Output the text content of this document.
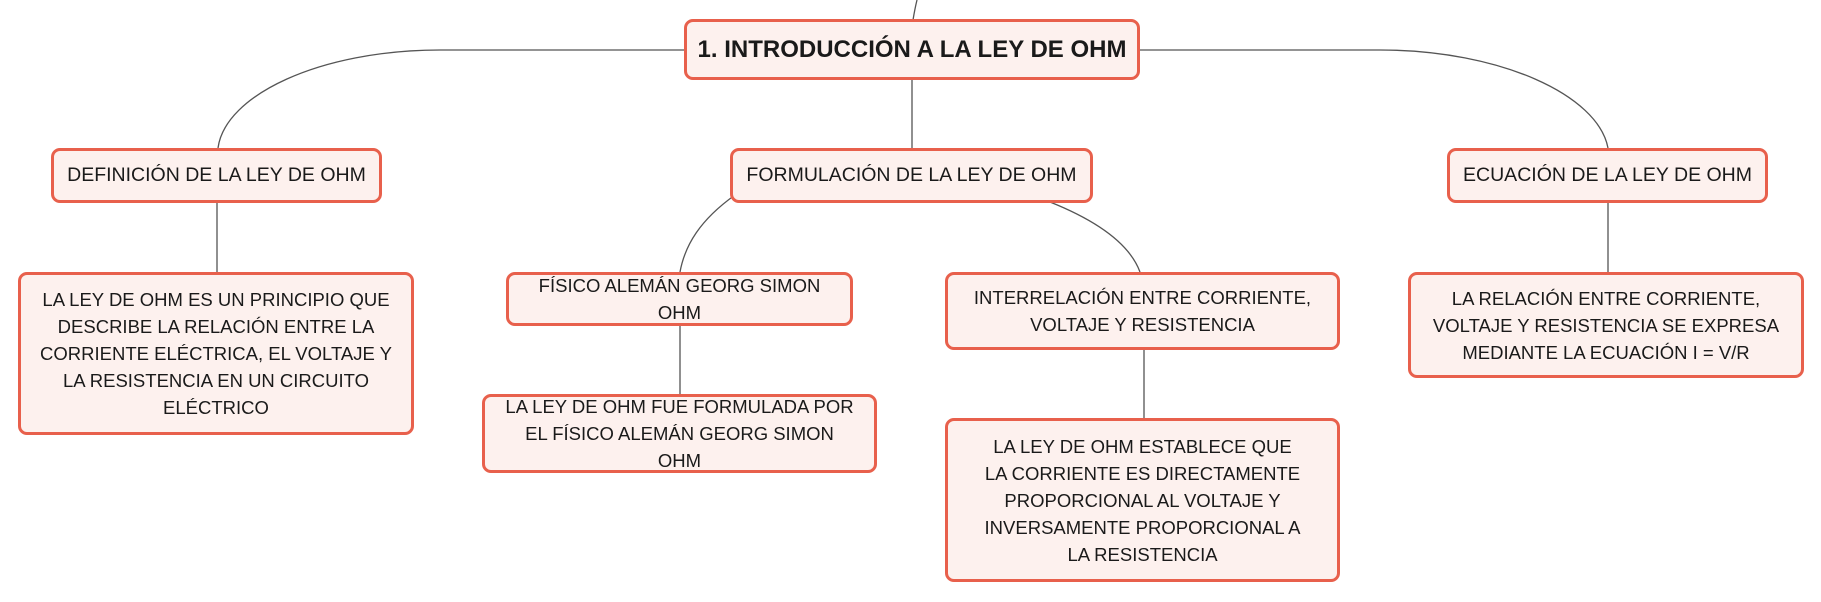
1. INTRODUCCIÓN A LA LEY DE OHM
DEFINICIÓN DE LA LEY DE OHM	FORMULACIÓN DE LA LEY DE OHM	ECUACIÓN DE LA LEY DE OHM
LA LEY DE OHM ES UN PRINCIPIO QUE DESCRIBE LA RELACIÓN ENTRE LA CORRIENTE ELÉCTRICA, EL VOLTAJE Y LA RESISTENCIA EN UN CIRCUITO ELÉCTRICO
FÍSICO ALEMÁN GEORG SIMON OHM
INTERRELACIÓN ENTRE CORRIENTE, VOLTAJE Y RESISTENCIA
LA LEY DE OHM FUE FORMULADA POR EL FÍSICO ALEMÁN GEORG SIMON OHM
LA LEY DE OHM ESTABLECE QUE LA CORRIENTE ES DIRECTAMENTE PROPORCIONAL AL VOLTAJE Y INVERSAMENTE PROPORCIONAL A LA RESISTENCIA
LA RELACIÓN ENTRE CORRIENTE, VOLTAJE Y RESISTENCIA SE EXPRESA MEDIANTE LA ECUACIÓN I = V/R
